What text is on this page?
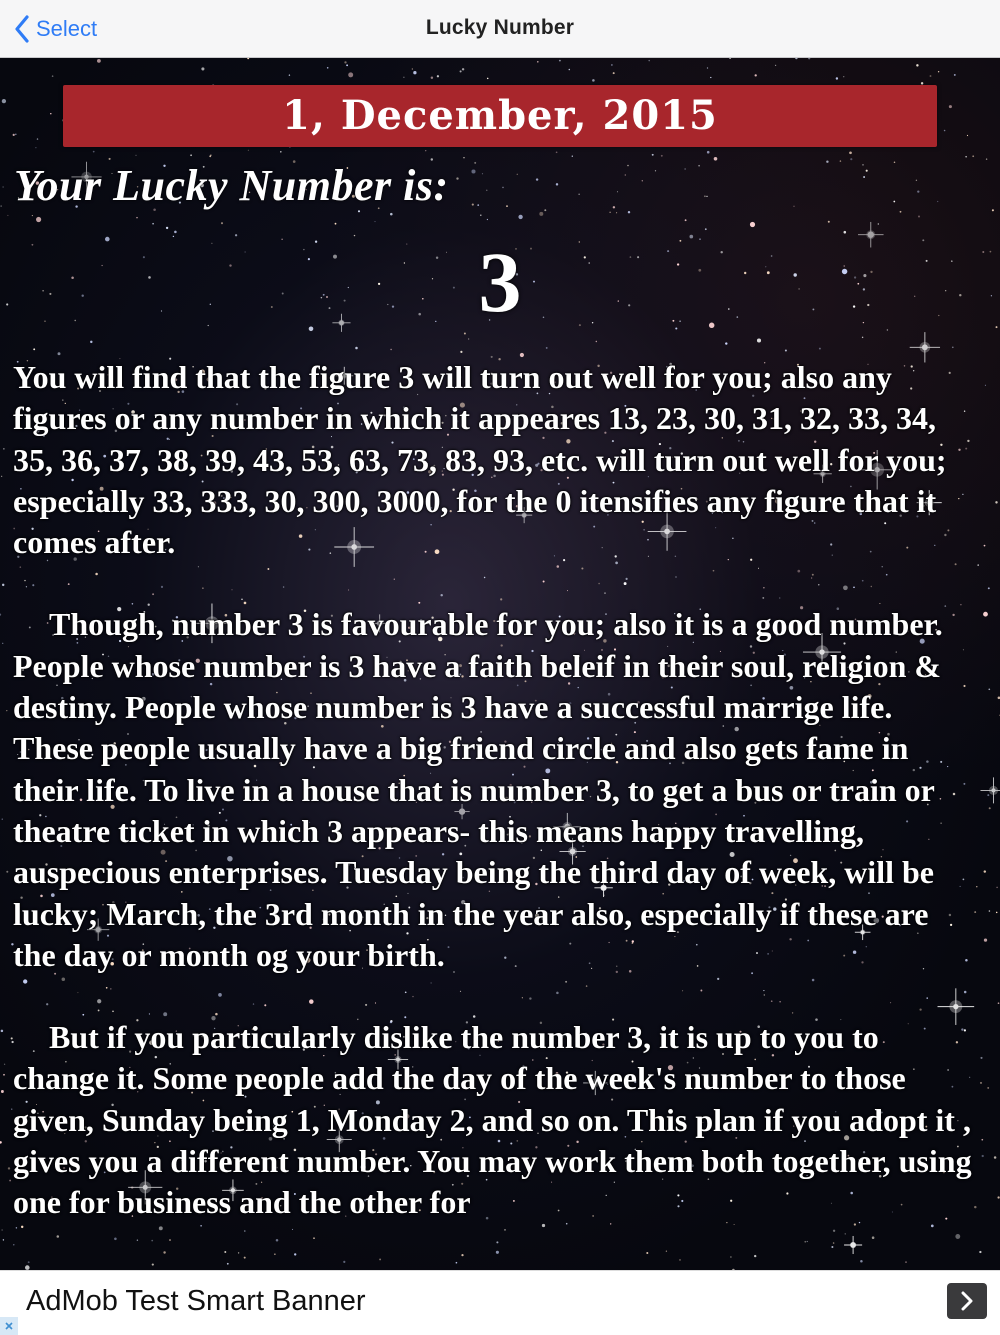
Select	Lucky Number
1, December, 2015
Your Lucky Number is:
3

You will find that the figure 3 will turn out well for you; also any figures or any number in which it appeares 13, 23, 30, 31, 32, 33, 34, 35, 36, 37, 38, 39, 43, 53, 63, 73, 83, 93, etc. will turn out well for you; especially 33, 333, 30, 300, 3000, for the 0 itensifies any figure that it comes after.

Though, number 3 is favourable for you; also it is a good number. People whose number is 3 have a faith beleif in their soul, religion & destiny. People whose number is 3 have a successful marrige life. These people usually have a big friend circle and also gets fame in their life. To live in a house that is number 3, to get a bus or train or theatre ticket in which 3 appears- this means happy travelling, auspecious enterprises. Tuesday being the third day of week, will be lucky; March, the 3rd month in the year also, especially if these are the day or month og your birth.

But if you particularly dislike the number 3, it is up to you to change it. Some people add the day of the week's number to those given, Sunday being 1, Monday 2, and so on. This plan if you adopt it , gives you a different number. You may work them both together, using one for business and the other for

AdMob Test Smart Banner
